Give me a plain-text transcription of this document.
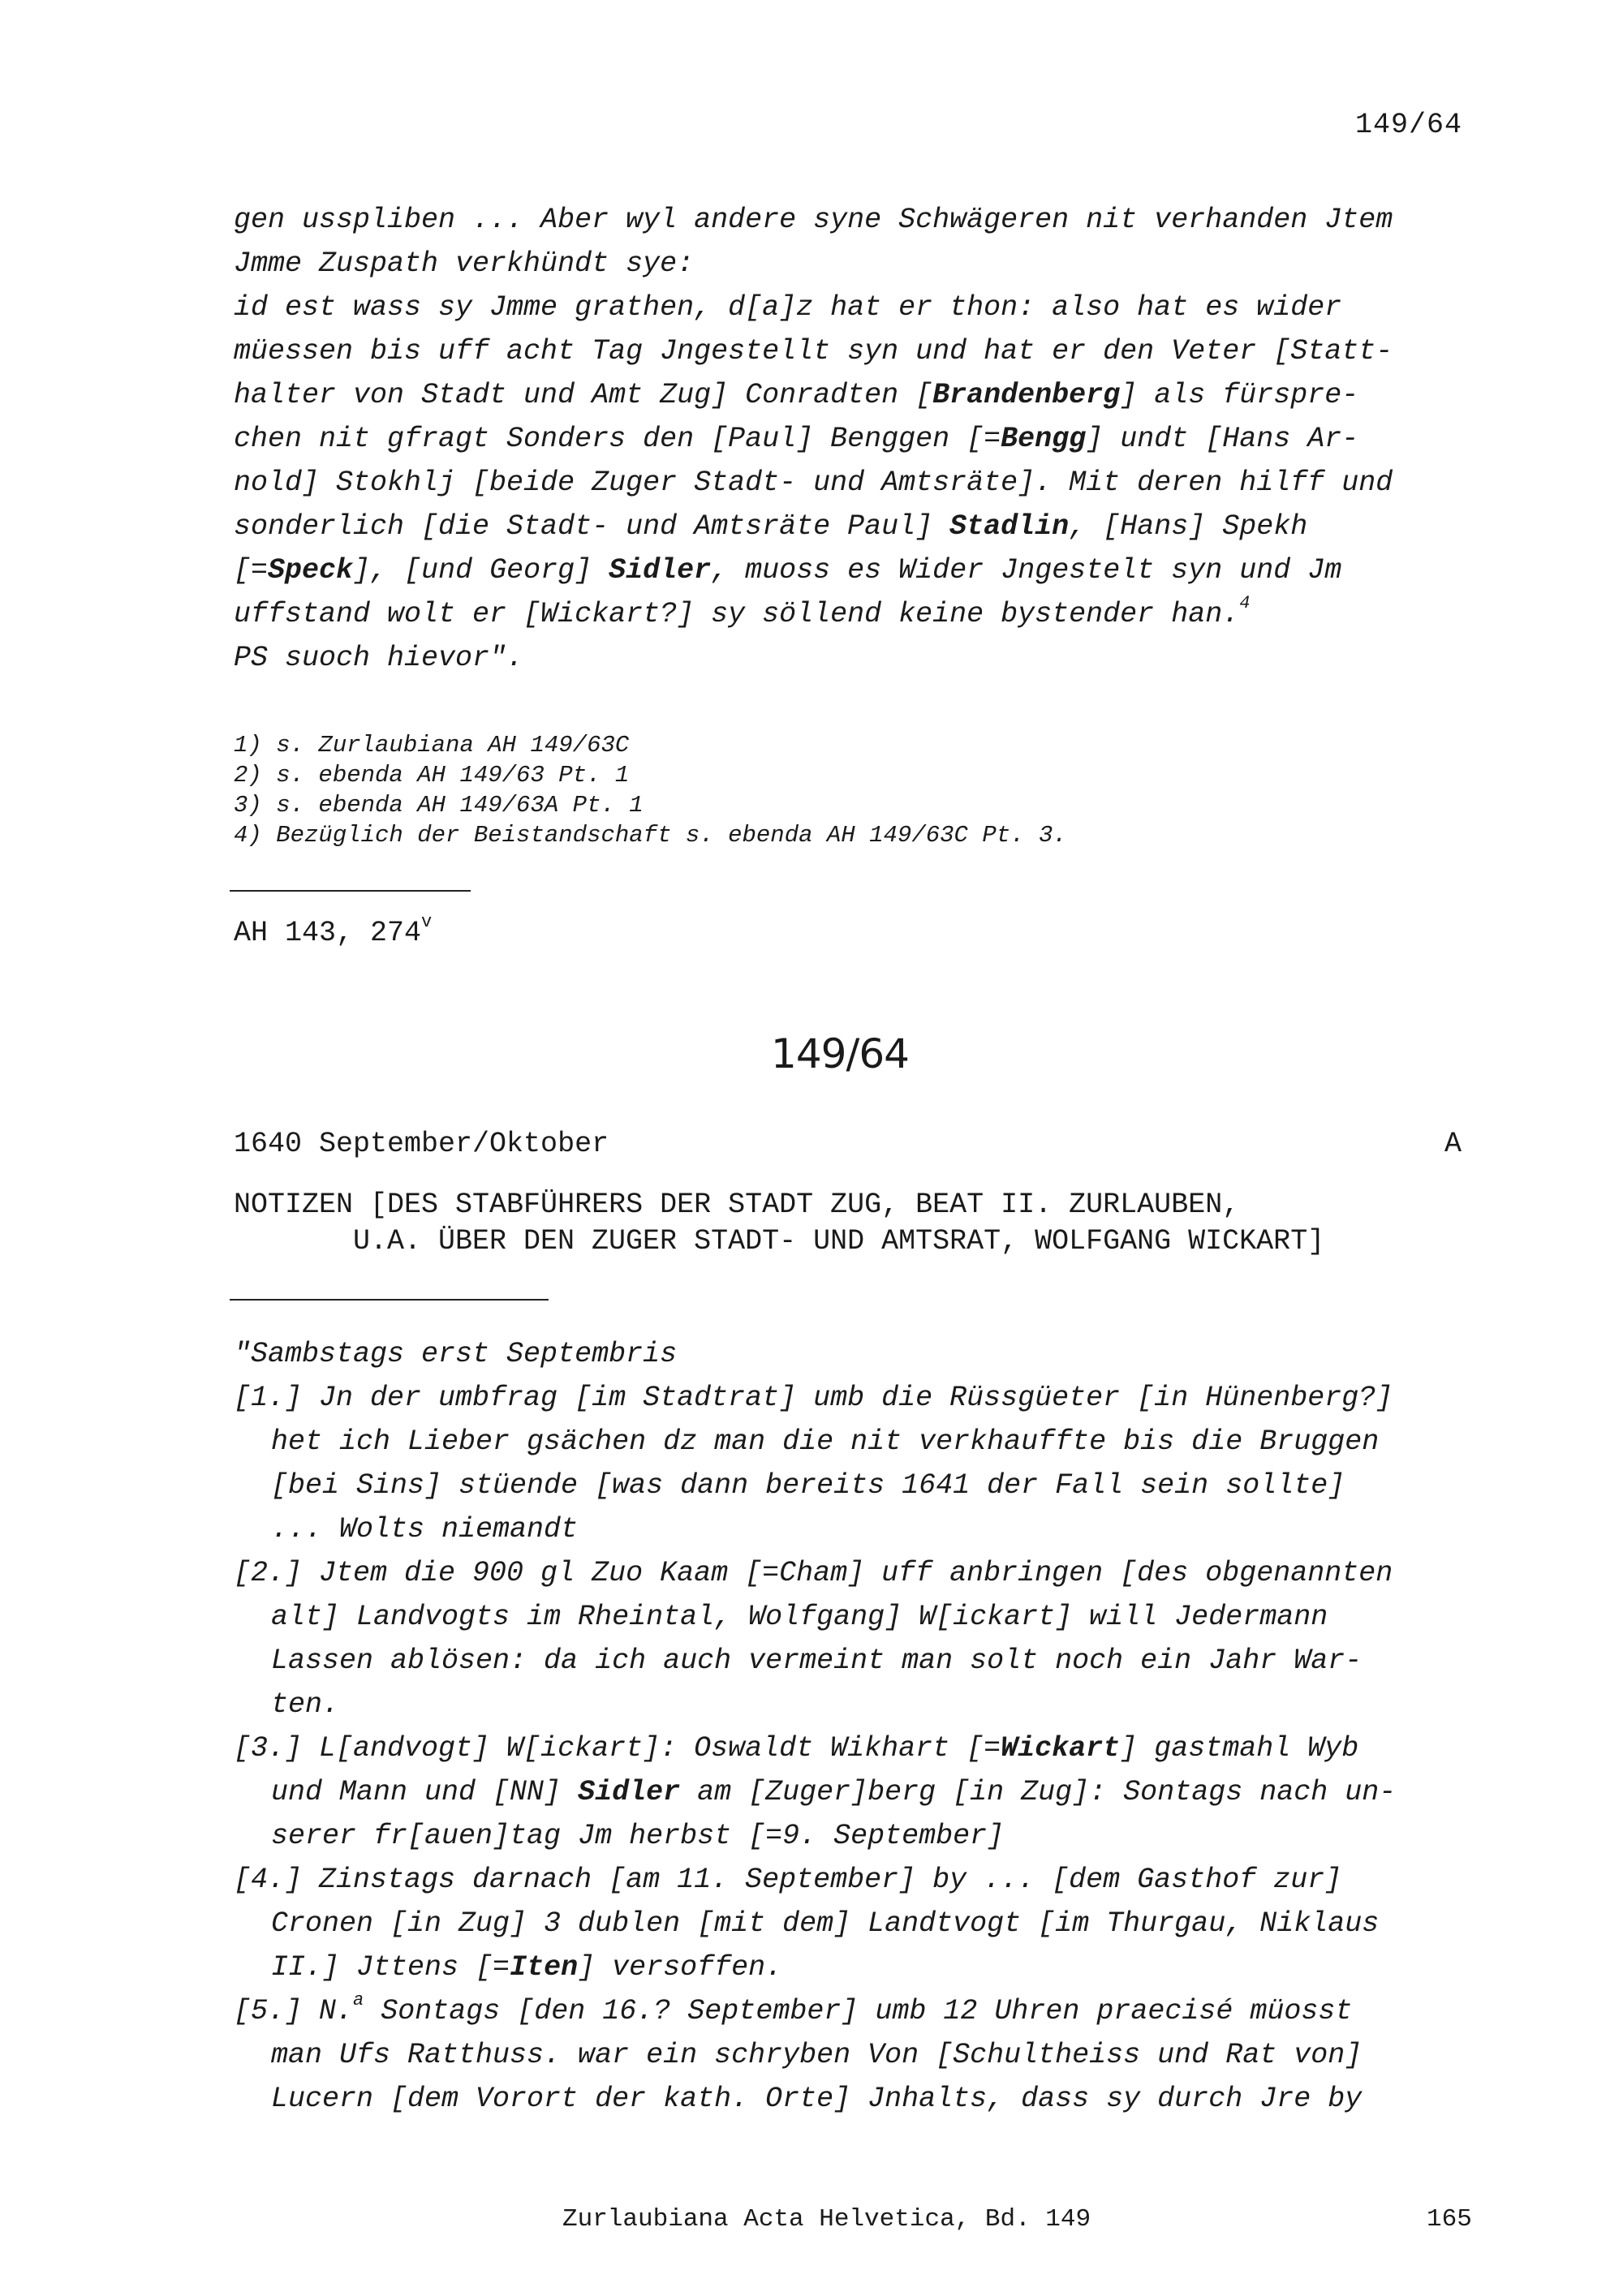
149/64
gen usspliben ... Aber wyl andere syne Schwägeren nit verhanden Jtem
Jmme Zuspath verkhündt sye:
id est wass sy Jmme grathen, d[a]z hat er thon: also hat es wider
müessen bis uff acht Tag Jngestellt syn und hat er den Veter [Statt-
halter von Stadt und Amt Zug] Conradten [Brandenberg] als fürspre-
chen nit gfragt Sonders den [Paul] Benggen [=Bengg] undt [Hans Ar-
nold] Stokhlj [beide Zuger Stadt- und Amtsräte]. Mit deren hilff und
sonderlich [die Stadt- und Amtsräte Paul] Stadlin, [Hans] Spekh
[=Speck], [und Georg] Sidler, muoss es Wider Jngestelt syn und Jm
uffstand wolt er [Wickart?] sy söllend keine bystender han.$^4$
PS suoch hievor".
1) s. Zurlaubiana AH 149/63C
2) s. ebenda AH 149/63 Pt. 1
3) s. ebenda AH 149/63A Pt. 1
4) Bezüglich der Beistandschaft s. ebenda AH 149/63C Pt. 3.
AH 143, 274$^v$
149/64
1640 September/Oktober	A
NOTIZEN [DES STABFÜHRERS DER STADT ZUG, BEAT II. ZURLAUBEN,
U.A. ÜBER DEN ZUGER STADT- UND AMTSRAT, WOLFGANG WICKART]
"Sambstags erst Septembris
[1.] Jn der umbfrag [im Stadtrat] umb die Rüssgüeter [in Hünenberg?]
het ich Lieber gsächen dz man die nit verkhauffte bis die Bruggen
[bei Sins] stüende [was dann bereits 1641 der Fall sein sollte]
... Wolts niemandt
[2.] Jtem die 900 gl Zuo Kaam [=Cham] uff anbringen [des obgenannten
alt] Landvogts im Rheintal, Wolfgang] W[ickart] will Jedermann
Lassen ablösen: da ich auch vermeint man solt noch ein Jahr War-
ten.
[3.] L[andvogt] W[ickart]: Oswaldt Wikhart [=Wickart] gastmahl Wyb
und Mann und [NN] Sidler am [Zuger]berg [in Zug]: Sontags nach un-
serer fr[auen]tag Jm herbst [=9. September]
[4.] Zinstags darnach [am 11. September] by ... [dem Gasthof zur]
Cronen [in Zug] 3 dublen [mit dem] Landtvogt [im Thurgau, Niklaus
II.] Jttens [=Iten] versoffen.
[5.] N.$^a$ Sontags [den 16.? September] umb 12 Uhren praecisé müosst
man Ufs Ratthuss. war ein schryben Von [Schultheiss und Rat von]
Lucern [dem Vorort der kath. Orte] Jnhalts, dass sy durch Jre by
Zurlaubiana Acta Helvetica, Bd. 149	165
